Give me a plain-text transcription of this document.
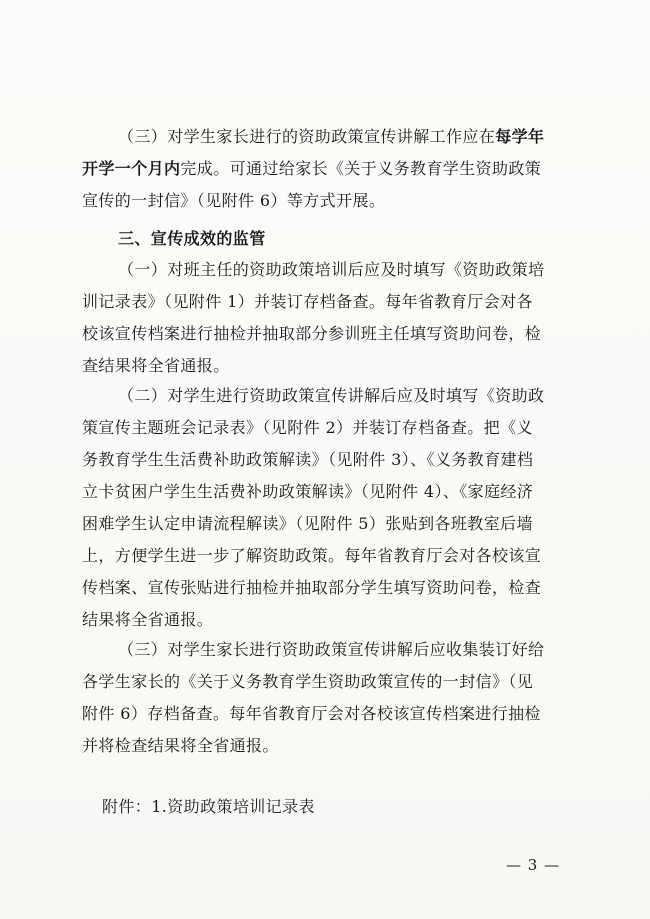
（三）对学生家长进行的资助政策宣传讲解工作应在每学年
开学一个月内完成。可通过给家长《关于义务教育学生资助政策
宣传的一封信》（见附件 6）等方式开展。
三、宣传成效的监管
（一）对班主任的资助政策培训后应及时填写《资助政策培
训记录表》（见附件 1）并装订存档备查。每年省教育厅会对各
校该宣传档案进行抽检并抽取部分参训班主任填写资助问卷，检
查结果将全省通报。
（二）对学生进行资助政策宣传讲解后应及时填写《资助政
策宣传主题班会记录表》（见附件 2）并装订存档备查。把《义
务教育学生生活费补助政策解读》（见附件 3）、《义务教育建档
立卡贫困户学生生活费补助政策解读》（见附件 4）、《家庭经济
困难学生认定申请流程解读》（见附件 5）张贴到各班教室后墙
上，方便学生进一步了解资助政策。每年省教育厅会对各校该宣
传档案、宣传张贴进行抽检并抽取部分学生填写资助问卷，检查
结果将全省通报。
（三）对学生家长进行资助政策宣传讲解后应收集装订好给
各学生家长的《关于义务教育学生资助政策宣传的一封信》（见
附件 6）存档备查。每年省教育厅会对各校该宣传档案进行抽检
并将检查结果将全省通报。
附件：1.资助政策培训记录表
— 3 —
